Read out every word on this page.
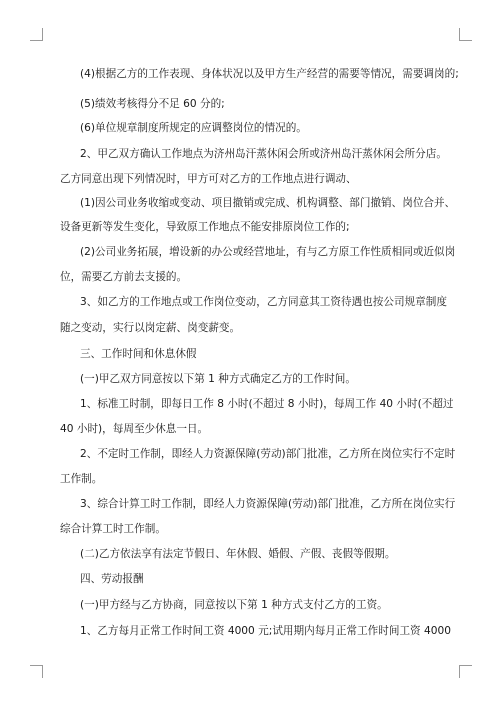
(4)根据乙方的工作表现、身体状况以及甲方生产经营的需要等情况，需要调岗的;
(5)绩效考核得分不足 60 分的;
(6)单位规章制度所规定的应调整岗位的情况的。
2、甲乙双方确认工作地点为济州岛汗蒸休闲会所或济州岛汗蒸休闲会所分店。
乙方同意出现下列情况时，甲方可对乙方的工作地点进行调动、
(1)因公司业务收缩或变动、项目撤销或完成、机构调整、部门撤销、岗位合并、
设备更新等发生变化，导致原工作地点不能安排原岗位工作的;
(2)公司业务拓展，增设新的办公或经营地址，有与乙方原工作性质相同或近似岗
位，需要乙方前去支援的。
3、如乙方的工作地点或工作岗位变动，乙方同意其工资待遇也按公司规章制度
随之变动，实行以岗定薪、岗变薪变。
三、工作时间和休息休假
(一)甲乙双方同意按以下第 1 种方式确定乙方的工作时间。
1、标准工时制，即每日工作 8 小时(不超过 8 小时)，每周工作 40 小时(不超过
40 小时)，每周至少休息一日。
2、不定时工作制，即经人力资源保障(劳动)部门批准，乙方所在岗位实行不定时
工作制。
3、综合计算工时工作制，即经人力资源保障(劳动)部门批准，乙方所在岗位实行
综合计算工时工作制。
(二)乙方依法享有法定节假日、年休假、婚假、产假、丧假等假期。
四、劳动报酬
(一)甲方经与乙方协商，同意按以下第 1 种方式支付乙方的工资。
1、乙方每月正常工作时间工资 4000 元;试用期内每月正常工作时间工资 4000
